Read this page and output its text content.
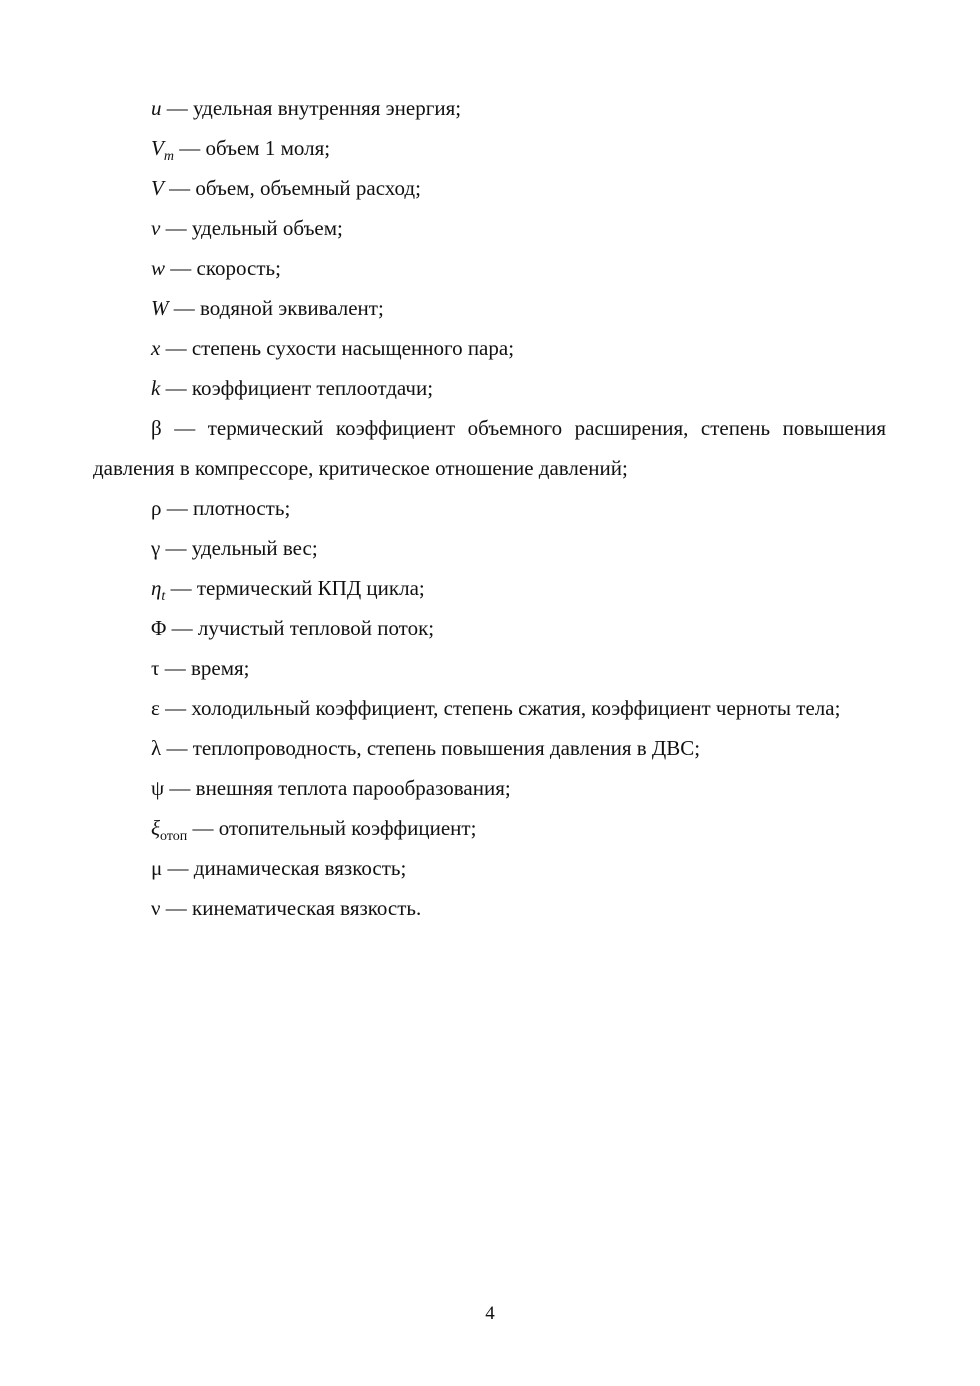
u — удельная внутренняя энергия;

$V_m$ — объем 1 моля;

V — объем, объемный расход;

v — удельный объем;

w — скорость;

W — водяной эквивалент;

x — степень сухости насыщенного пара;

k — коэффициент теплоотдачи;

β — термический коэффициент объемного расширения, степень повышения давления в компрессоре, критическое отношение давлений;

ρ — плотность;

γ — удельный вес;

$\eta_t$ — термический КПД цикла;

Φ — лучистый тепловой поток;

τ — время;

ε — холодильный коэффициент, степень сжатия, коэффициент черноты тела;

λ — теплопроводность, степень повышения давления в ДВС;

ψ — внешняя теплота парообразования;

$\xi_{отоп}$ — отопительный коэффициент;

μ — динамическая вязкость;

ν — кинематическая вязкость.

4
